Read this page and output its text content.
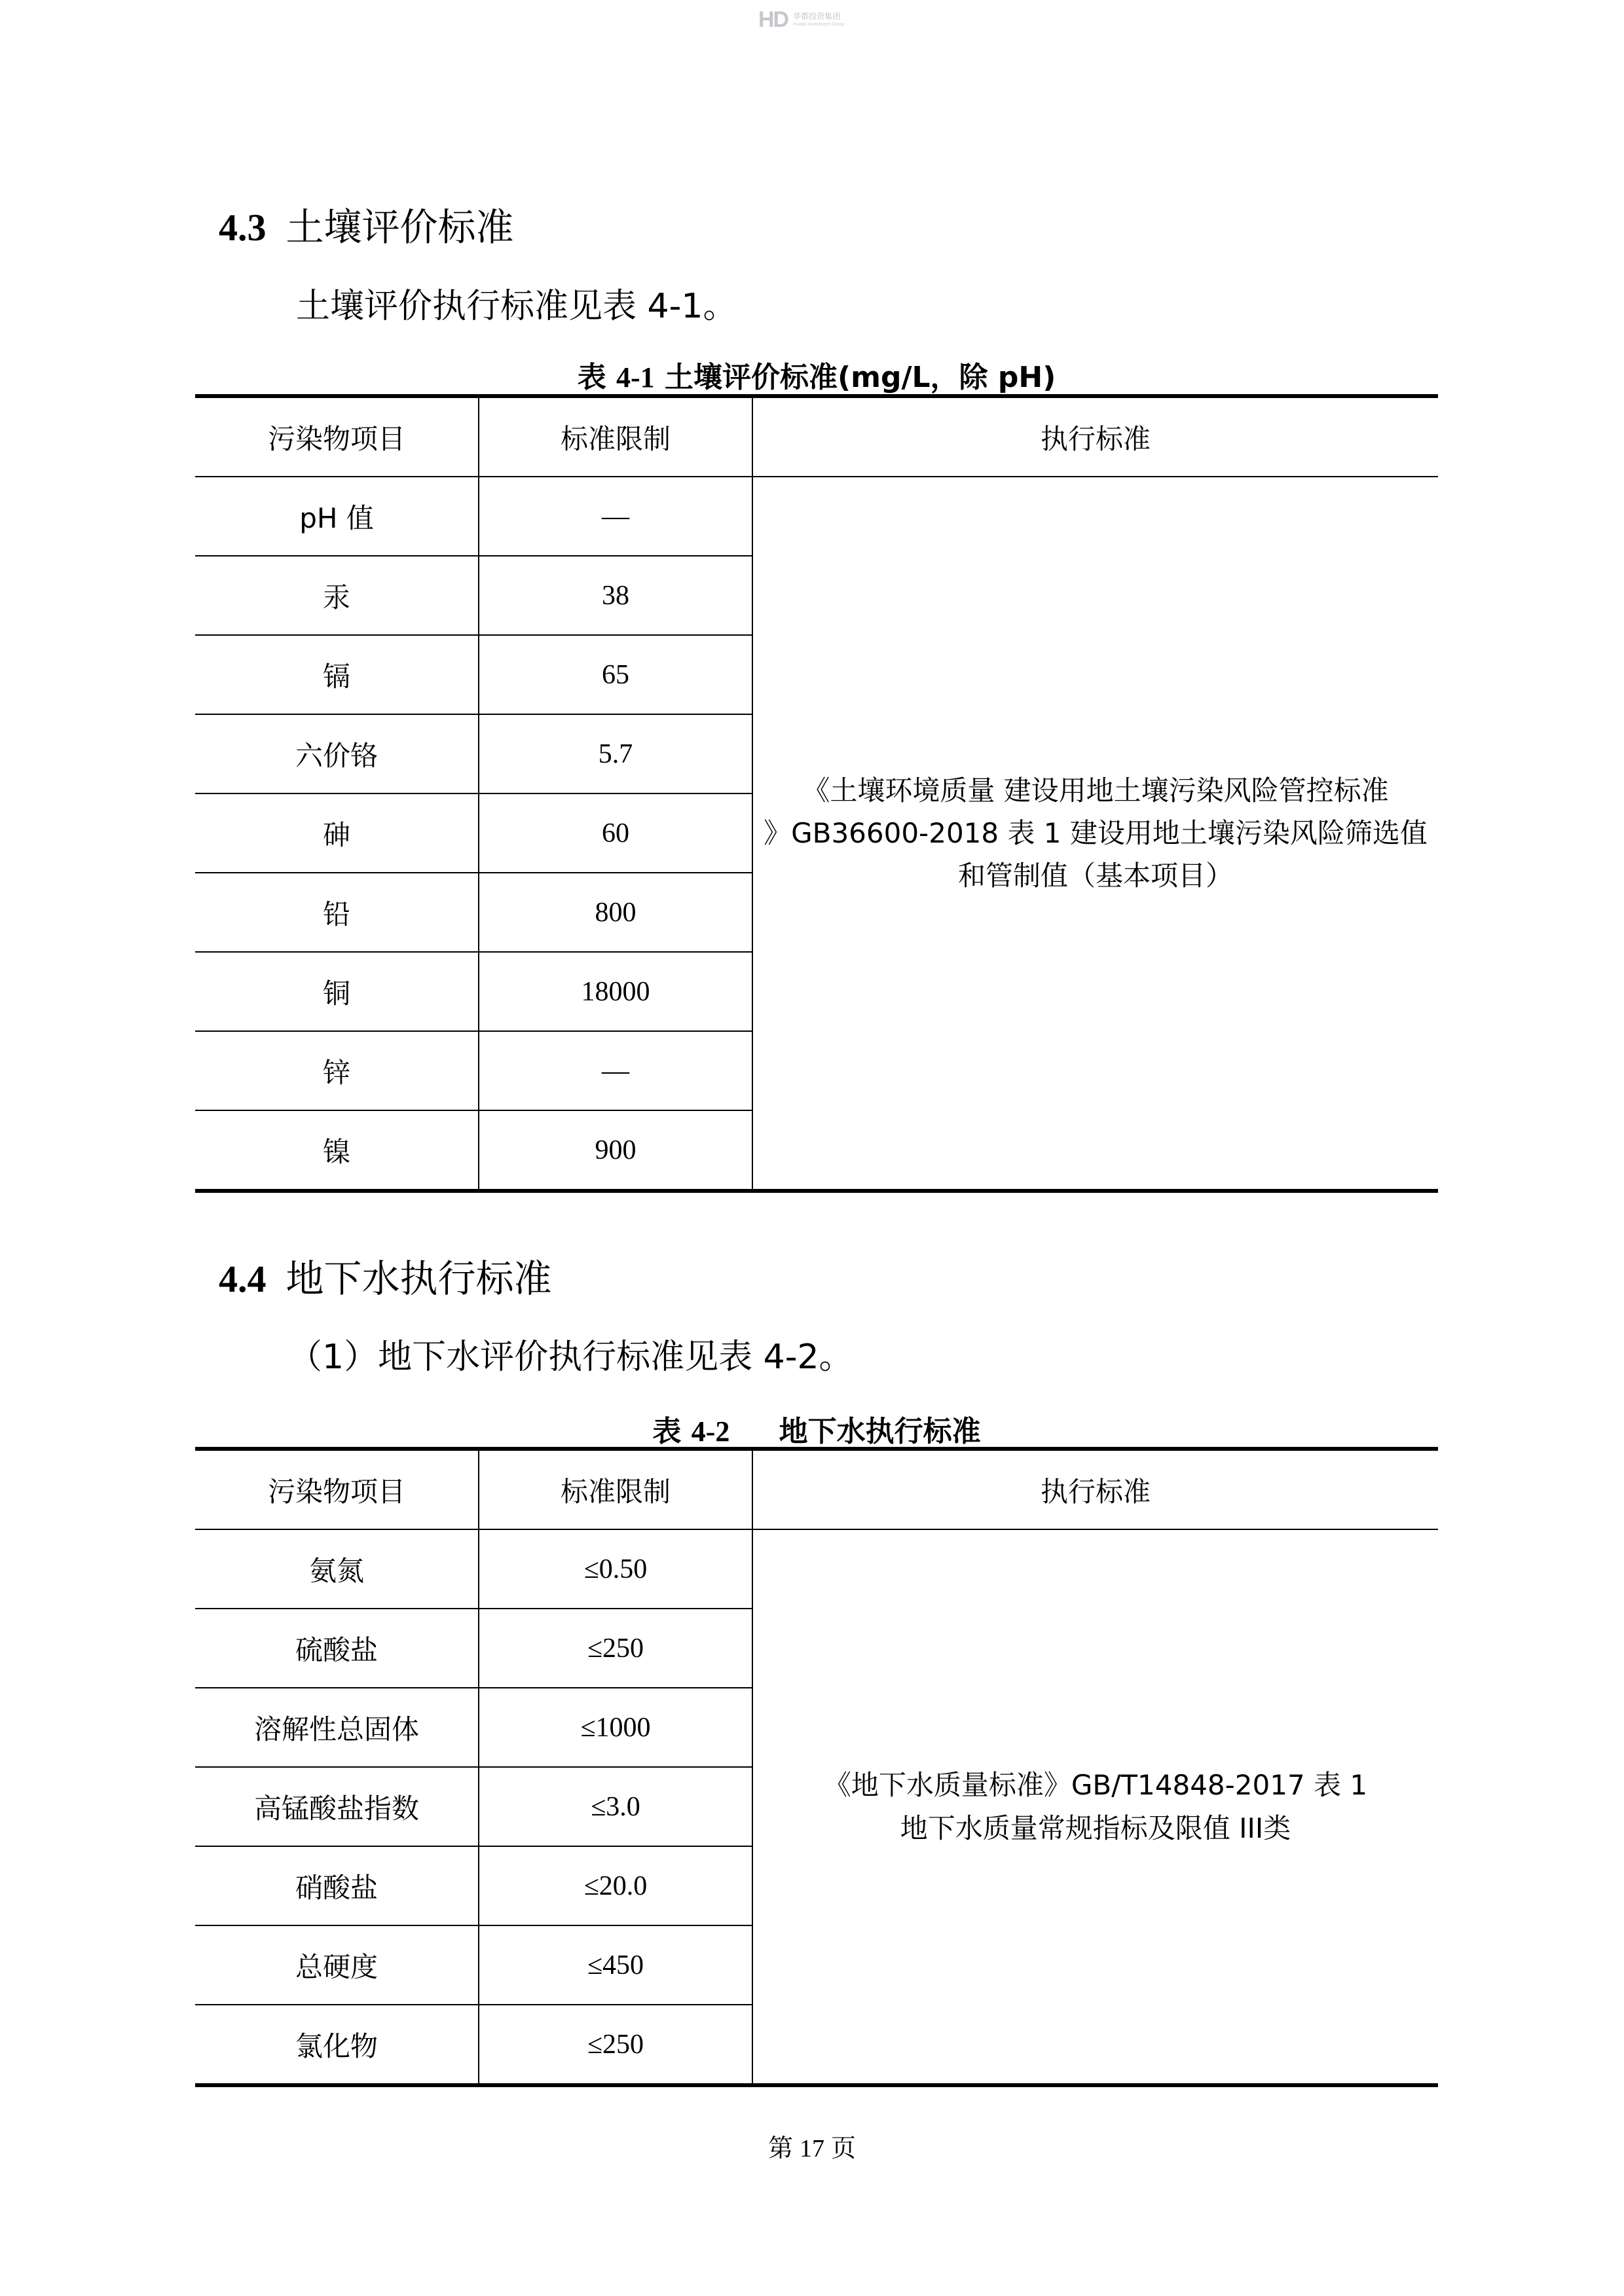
HD 华都投资集团
Huadu Investment Group
4.3 土壤评价标准

土壤评价执行标准见表 4-1。

表 4-1 土壤评价标准(mg/L，除 pH)

污染物项目	标准限制	执行标准
pH 值	—	《土壤环境质量 建设用地土壤污染风险管控标准
》GB36600-2018 表 1 建设用地土壤污染风险筛选值
和管制值（基本项目）

汞	38	
镉	65	
六价铬	5.7	
砷	60	
铅	800	
铜	18000	
锌	—	
镍	900	
4.4 地下水执行标准

（1）地下水评价执行标准见表 4-2。

表 4-2 地下水执行标准

污染物项目	标准限制	执行标准
氨氮	≤0.50	《地下水质量标准》GB/T14848-2017 表 1
地下水质量常规指标及限值 III类

硫酸盐	≤250	
溶解性总固体	≤1000	
高锰酸盐指数	≤3.0	
硝酸盐	≤20.0	
总硬度	≤450	
氯化物	≤250	

第 17 页
